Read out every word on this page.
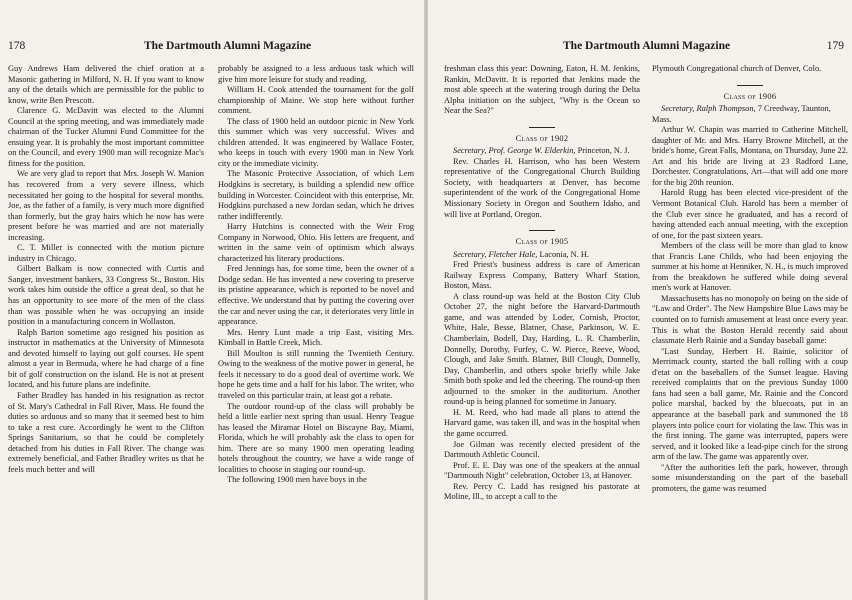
178	The Dartmouth Alumni Magazine

Guy Andrews Ham delivered the chief oration at a Masonic gathering in Milford, N. H. If you want to know any of the details which are permissible for the public to know, write Ben Prescott.

Clarence G. McDavitt was elected to the Alumni Council at the spring meeting, and was immediately made chairman of the Tucker Alumni Fund Committee for the ensuing year. It is probably the most important committee on the Council, and every 1900 man will recognize Mac's fitness for the position.

We are very glad to report that Mrs. Joseph W. Manion has recovered from a very severe illness, which necessitated her going to the hospital for several months. Joe, as the father of a family, is very much more dignified than formerly, but the gray hairs which he now has were present before he was married and are not materially increasing.

C. T. Miller is connected with the motion picture industry in Chicago.

Gilbert Balkam is now connected with Curtis and Sanger, investment bankers, 33 Congress St., Boston. His work takes him outside the office a great deal, so that he has an opportunity to see more of the men of the class than was possible when he was occupying an inside position in a manufacturing concern in Wollaston.

Ralph Barton sometime ago resigned his position as instructor in mathematics at the University of Minnesota and devoted himself to laying out golf courses. He spent almost a year in Bermuda, where he had charge of a fine bit of golf construction on the island. He is not at present located, and his future plans are indefinite.

Father Bradley has handed in his resignation as rector of St. Mary's Cathedral in Fall River, Mass. He found the duties so arduous and so many that it seemed best to him to take a rest cure. Accordingly he went to the Clifton Springs Sanitarium, so that he could be completely detached from his duties in Fall River. The change was extremely beneficial, and Father Bradley writes us that he feels much better and will

probably be assigned to a less arduous task which will give him more leisure for study and reading.

William H. Cook attended the tournament for the golf championship of Maine. We stop here without further comment.

The class of 1900 held an outdoor picnic in New York this summer which was very successful. Wives and children attended. It was engineered by Wallace Foster, who keeps in touch with every 1900 man in New York city or the immediate vicinity.

The Masonic Protective Association, of which Lem Hodgkins is secretary, is building a splendid new office building in Worcester. Coincident with this enterprise, Mr. Hodgkins purchased a new Jordan sedan, which he drives rather indifferently.

Harry Hutchins is connected with the Weir Frog Company in Norwood, Ohio. His letters are frequent, and written in the same vein of optimism which always characterized his literary productions.

Fred Jennings has, for some time, been the owner of a Dodge sedan. He has invented a new covering to preserve its pristine appearance, which is reported to be novel and effective. We understand that by putting the covering over the car and never using the car, it deteriorates very little in appearance.

Mrs. Henry Lunt made a trip East, visiting Mrs. Kimball in Battle Creek, Mich.

Bill Moulton is still running the Twentieth Century. Owing to the weakness of the motive power in general, he feels it necessary to do a good deal of overtime work. We hope he gets time and a half for his labor. The writer, who traveled on this particular train, at least got a rebate.

The outdoor round-up of the class will probably be held a little earlier next spring than usual. Henry Teague has leased the Miramar Hotel on Biscayne Bay, Miami, Florida, which he will probably ask the class to open for him. There are so many 1900 men operating leading hotels throughout the country, we have a wide range of localities to choose in staging our round-up.

The following 1900 men have boys in the

The Dartmouth Alumni Magazine	179

freshman class this year: Downing, Eaton, H. M. Jenkins, Rankin, McDavitt. It is reported that Jenkins made the most able speech at the watering trough during the Delta Alpha initiation on the subject, "Why is the Ocean so Near the Sea?"

Class of 1902

Secretary, Prof. George W. Elderkin, Princeton, N. J.

Rev. Charles H. Harrison, who has been Western representative of the Congregational Church Building Society, with headquarters at Denver, has become superintendent of the work of the Congregational Home Missionary Society in Oregon and Southern Idaho, and will live at Portland, Oregon.

Class of 1905

Secretary, Fletcher Hale, Laconia, N. H.

Fred Priest's business address is care of American Railway Express Company, Battery Wharf Station, Boston, Mass.

A class round-up was held at the Boston City Club October 27, the night before the Harvard-Dartmouth game, and was attended by Loder, Cornish, Proctor, White, Hale, Besse, Blatner, Chase, Parkinson, W. E. Chamberlain, Bodell, Day, Harding, L. R. Chamberlin, Donnelly, Dorothy, Furfey, C. W. Pierce, Reeve, Wood, Clough, and Jake Smith. Blatner, Bill Clough, Donnelly, Day, Chamberlin, and others spoke briefly while Jake Smith both spoke and led the cheering. The round-up then adjourned to the smoker in the auditorium. Another round-up is being planned for sometime in January.

H. M. Reed, who had made all plans to attend the Harvard game, was taken ill, and was in the hospital when the game occurred.

Joe Gilman was recently elected president of the Dartmouth Athletic Council.

Prof. E. E. Day was one of the speakers at the annual "Dartmouth Night" celebration, October 13, at Hanover.

Rev. Percy C. Ladd has resigned his pastorate at Moline, Ill., to accept a call to the

Plymouth Congregational church of Denver, Colo.

Class of 1906

Secretary, Ralph Thompson, 7 Creedway, Taunton, Mass.

Arthur W. Chapin was married to Catherine Mitchell, daughter of Mr. and Mrs. Harry Browne Mitchell, at the bride's home, Great Falls, Montana, on Thursday, June 22. Art and his bride are living at 23 Radford Lane, Dorchester. Congratulations, Art—that will add one more for the big 20th reunion.

Harold Rugg has been elected vice-president of the Vermont Botanical Club. Harold has been a member of the Club ever since he graduated, and has a record of having attended each annual meeting, with the exception of one, for the past sixteen years.

Members of the class will be more than glad to know that Francis Lane Childs, who had been enjoying the summer at his home at Henniker, N. H., is much improved from the breakdown he suffered while doing several men's work at Hanover.

Massachusetts has no monopoly on being on the side of "Law and Order". The New Hampshire Blue Laws may be counted on to furnish amusement at least once every year. This is what the Boston Herald recently said about classmate Herb Rainie and a Sunday baseball game:

"Last Sunday, Herbert H. Rainie, solicitor of Merrimack county, started the ball rolling with a coup d'etat on the baseballers of the Sunset league. Having received complaints that on the previous Sunday 1000 fans had seen a ball game, Mr. Rainie and the Concord police marshal, backed by the bluecoats, put in an appearance at the baseball park and summoned the 18 players into police court for violating the law. This was in the first inning. The game was interrupted, papers were served, and it looked like a lead-pipe cinch for the strong arm of the law. The game was apparently over.

"After the authorities left the park, however, through some misunderstanding on the part of the baseball promoters, the game was resumed
